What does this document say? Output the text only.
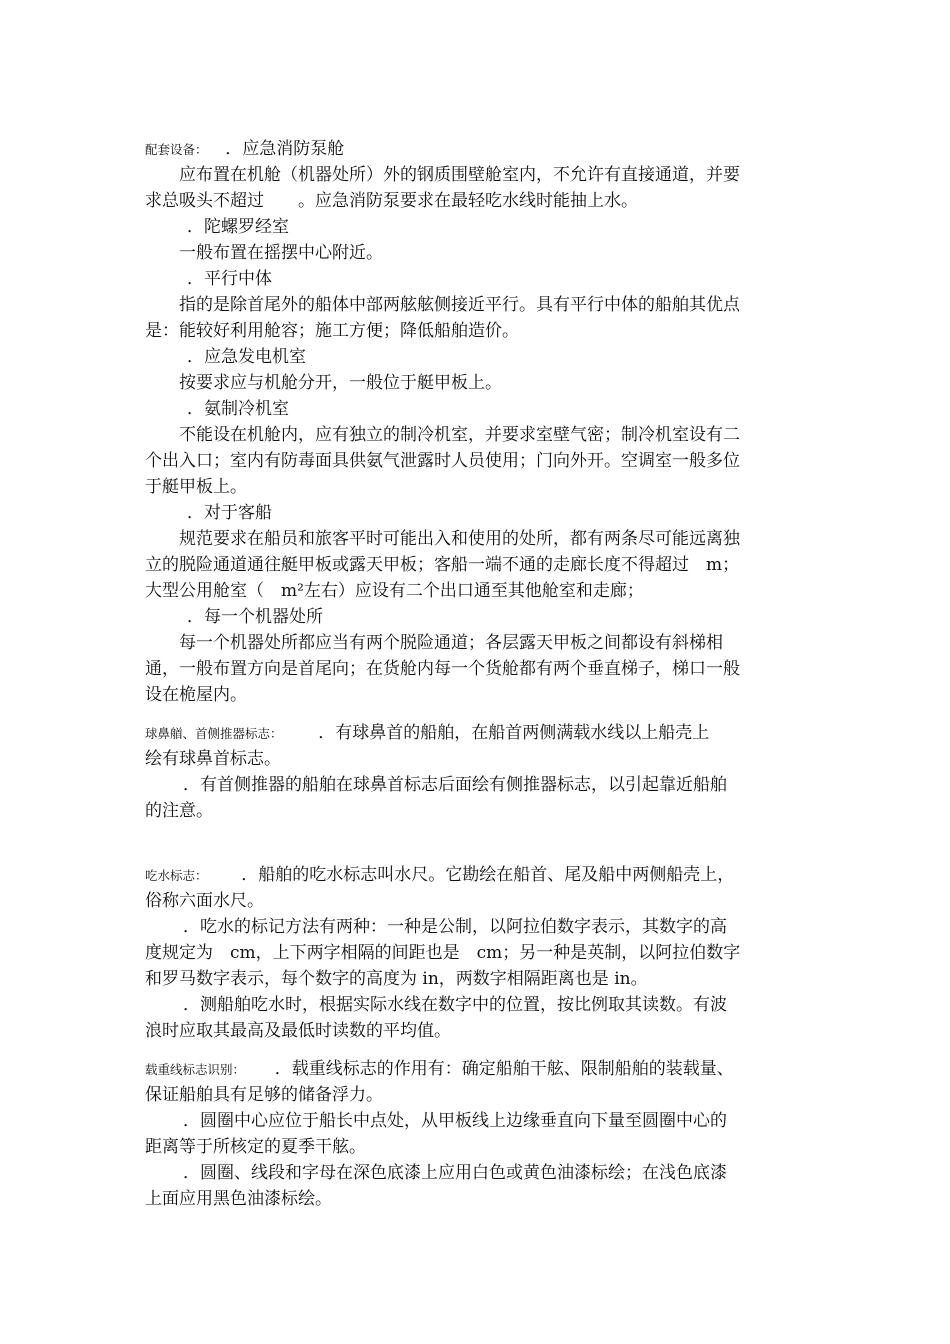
配套设备： ．应急消防泵舱
应布置在机舱（机器处所）外的钢质围壁舱室内，不允许有直接通道，并要
求总吸头不超过　　。应急消防泵要求在最轻吃水线时能抽上水。
．陀螺罗经室
一般布置在摇摆中心附近。
．平行中体
指的是除首尾外的船体中部两舷舷侧接近平行。具有平行中体的船舶其优点
是：能较好利用舱容；施工方便；降低船舶造价。
．应急发电机室
按要求应与机舱分开，一般位于艇甲板上。
．氨制冷机室
不能设在机舱内，应有独立的制冷机室，并要求室壁气密；制冷机室设有二
个出入口；室内有防毒面具供氨气泄露时人员使用；门向外开。空调室一般多位
于艇甲板上。
．对于客船
规范要求在船员和旅客平时可能出入和使用的处所，都有两条尽可能远离独
立的脱险通道通往艇甲板或露天甲板；客船一端不通的走廊长度不得超过　m；
大型公用舱室（　m²左右）应设有二个出口通至其他舱室和走廊；
．每一个机器处所
每一个机器处所都应当有两个脱险通道；各层露天甲板之间都设有斜梯相
通，一般布置方向是首尾向；在货舱内每一个货舱都有两个垂直梯子，梯口一般
设在桅屋内。
球鼻艏、首侧推器标志： ．有球鼻首的船舶，在船首两侧满载水线以上船壳上
绘有球鼻首标志。
．有首侧推器的船舶在球鼻首标志后面绘有侧推器标志，以引起靠近船舶
的注意。
吃水标志： ．船舶的吃水标志叫水尺。它勘绘在船首、尾及船中两侧船壳上，
俗称六面水尺。
．吃水的标记方法有两种：一种是公制，以阿拉伯数字表示，其数字的高
度规定为　cm，上下两字相隔的间距也是　cm；另一种是英制，以阿拉伯数字
和罗马数字表示，每个数字的高度为 in，两数字相隔距离也是 in。
．测船舶吃水时，根据实际水线在数字中的位置，按比例取其读数。有波
浪时应取其最高及最低时读数的平均值。
载重线标志识别： ．载重线标志的作用有：确定船舶干舷、限制船舶的装载量、
保证船舶具有足够的储备浮力。
．圆圈中心应位于船长中点处，从甲板线上边缘垂直向下量至圆圈中心的
距离等于所核定的夏季干舷。
．圆圈、线段和字母在深色底漆上应用白色或黄色油漆标绘；在浅色底漆
上面应用黑色油漆标绘。
